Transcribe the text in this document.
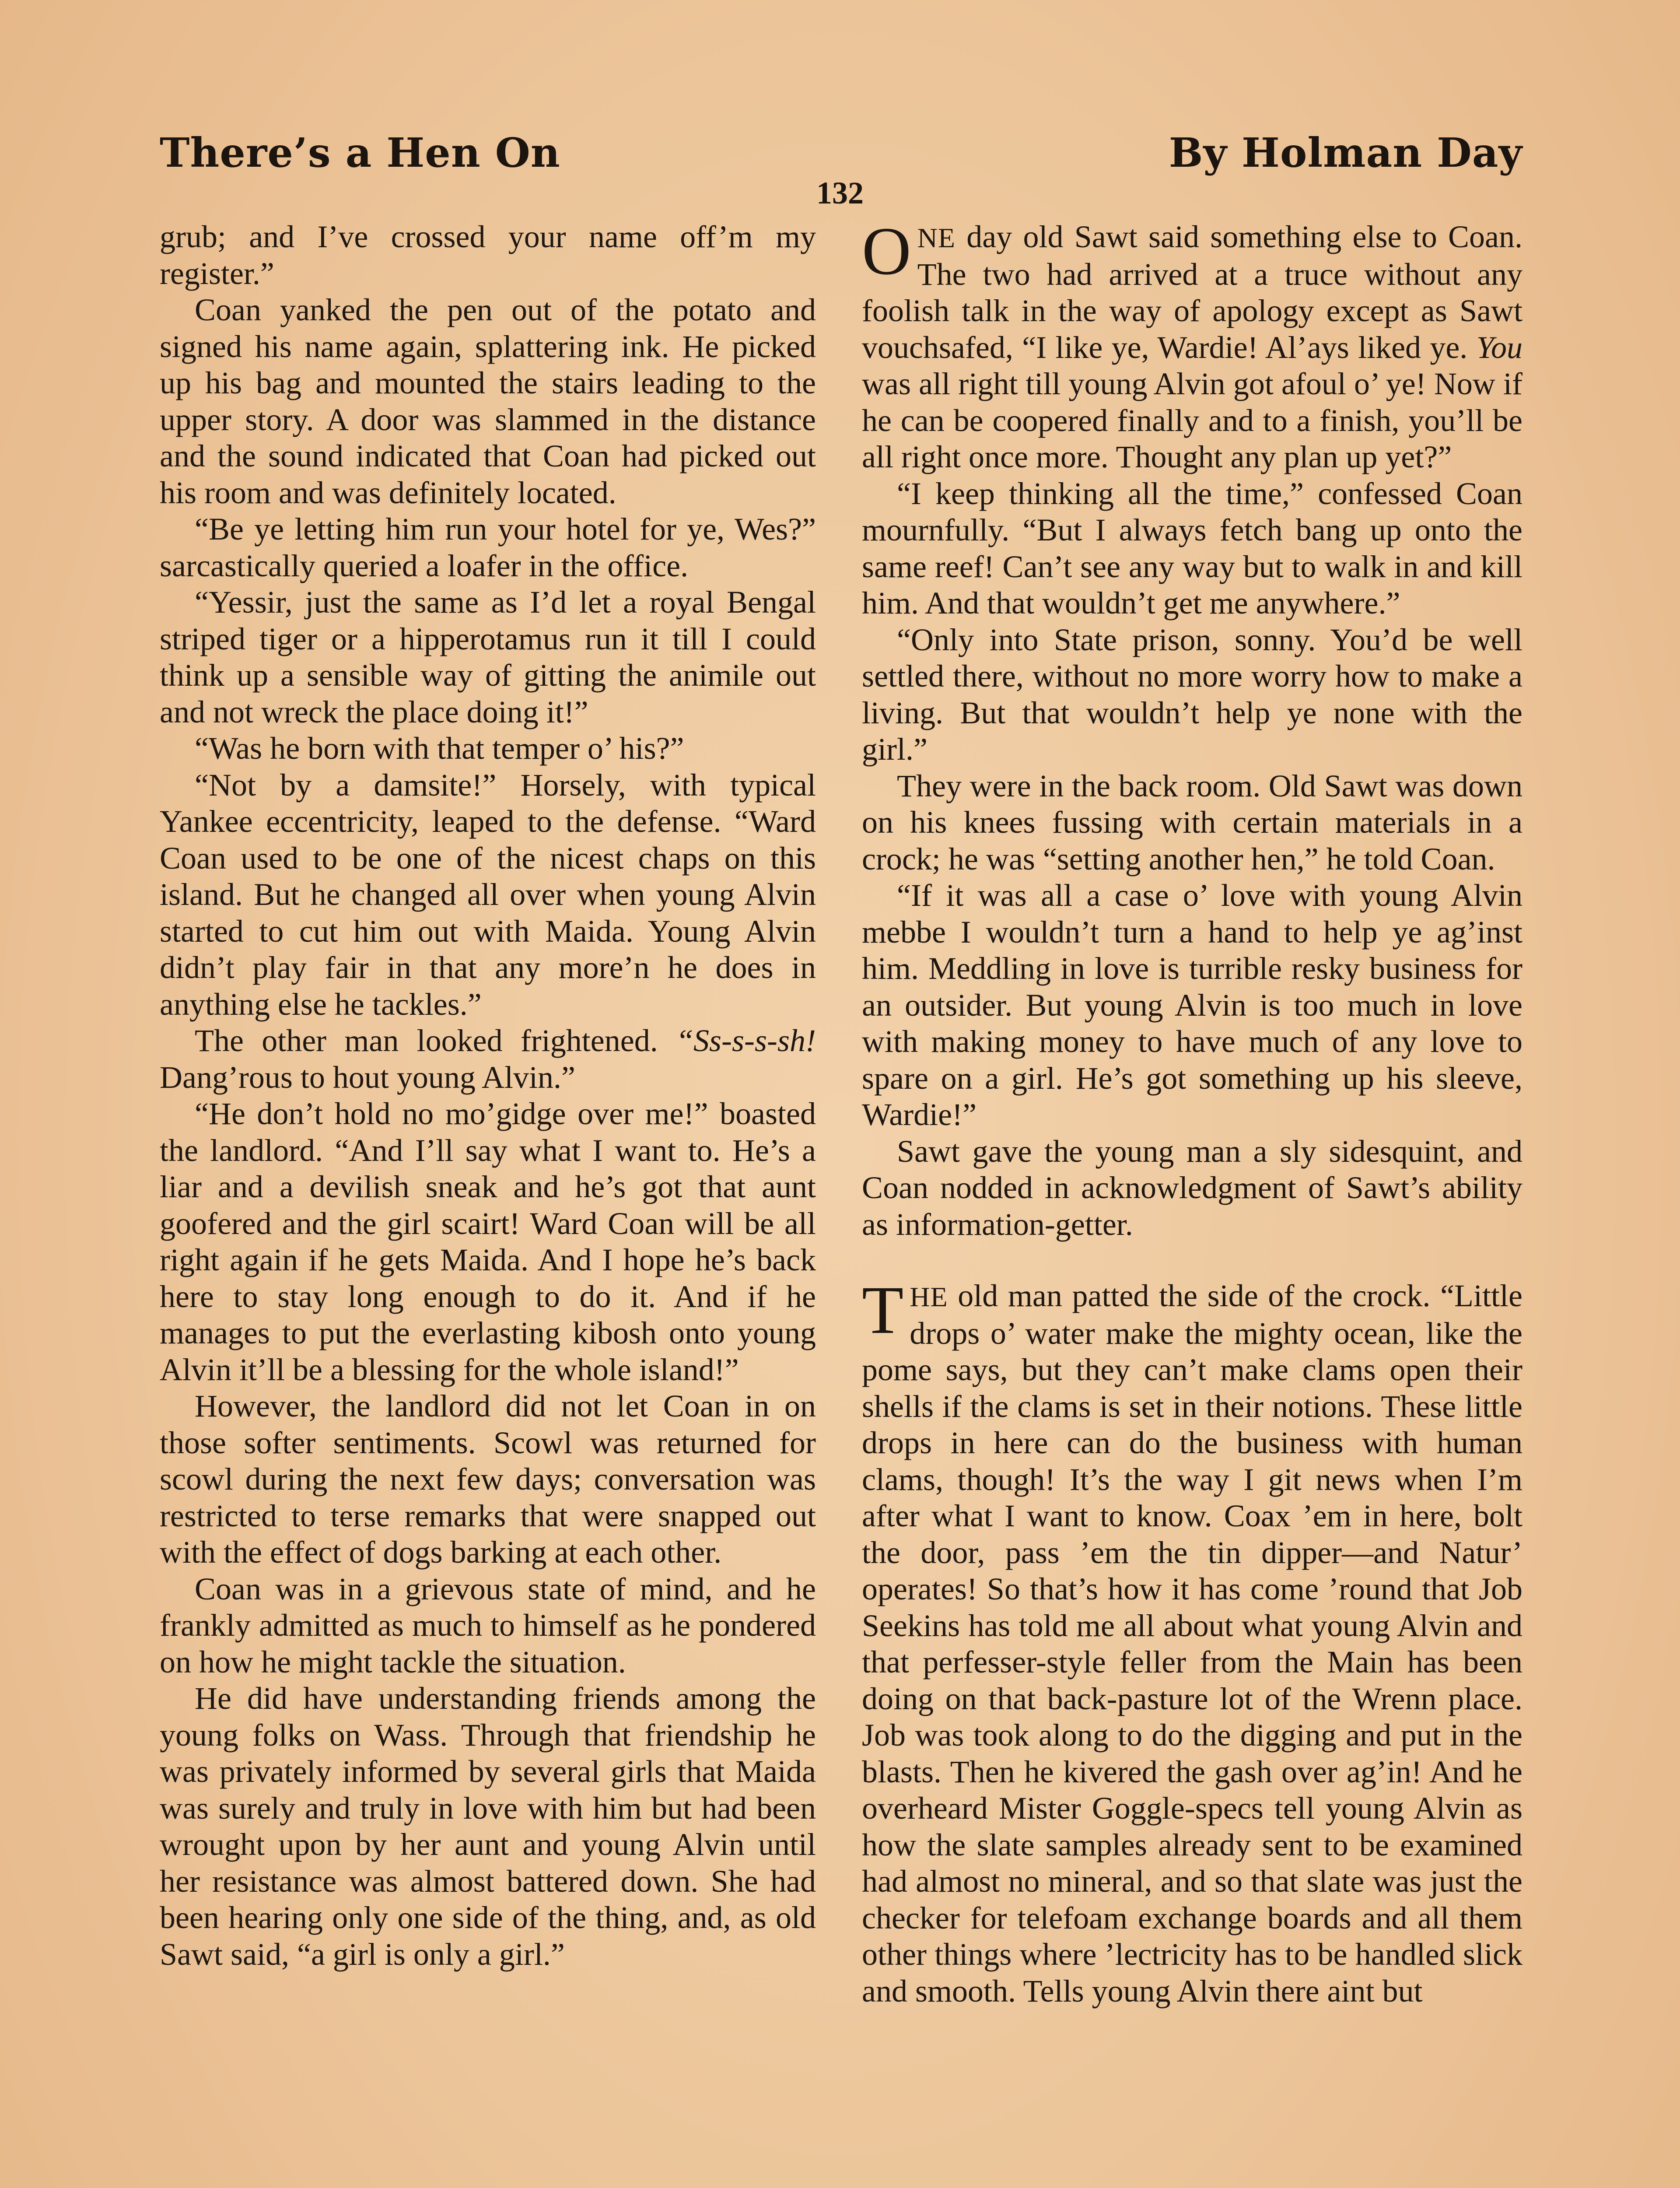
There’s a Hen On	By Holman Day
132

grub; and I’ve crossed your name off’m my register.”

Coan yanked the pen out of the potato and signed his name again, splattering ink. He picked up his bag and mounted the stairs leading to the upper story. A door was slammed in the distance and the sound indicated that Coan had picked out his room and was definitely located.

“Be ye letting him run your hotel for ye, Wes?” sarcastically queried a loafer in the office.

“Yessir, just the same as I’d let a royal Bengal striped tiger or a hipperotamus run it till I could think up a sensible way of gitting the animile out and not wreck the place doing it!”

“Was he born with that temper o’ his?”

“Not by a damsite!” Horsely, with typical Yankee eccentricity, leaped to the defense. “Ward Coan used to be one of the nicest chaps on this island. But he changed all over when young Alvin started to cut him out with Maida. Young Alvin didn’t play fair in that any more’n he does in anything else he tackles.”

The other man looked frightened. “Ss-s-s-sh! Dang’rous to hout young Alvin.”

“He don’t hold no mo’gidge over me!” boasted the landlord. “And I’ll say what I want to. He’s a liar and a devilish sneak and he’s got that aunt goofered and the girl scairt! Ward Coan will be all right again if he gets Maida. And I hope he’s back here to stay long enough to do it. And if he manages to put the everlasting kibosh onto young Alvin it’ll be a blessing for the whole island!”

However, the landlord did not let Coan in on those softer sentiments. Scowl was returned for scowl during the next few days; conversation was restricted to terse remarks that were snapped out with the effect of dogs barking at each other.

Coan was in a grievous state of mind, and he frankly admitted as much to himself as he pondered on how he might tackle the situation.

He did have understanding friends among the young folks on Wass. Through that friendship he was privately informed by several girls that Maida was surely and truly in love with him but had been wrought upon by her aunt and young Alvin until her resistance was almost battered down. She had been hearing only one side of the thing, and, as old Sawt said, “a girl is only a girl.”

ONE day old Sawt said something else to Coan. The two had arrived at a truce without any foolish talk in the way of apology except as Sawt vouchsafed, “I like ye, Wardie! Al’ays liked ye. You was all right till young Alvin got afoul o’ ye! Now if he can be coopered finally and to a finish, you’ll be all right once more. Thought any plan up yet?”

“I keep thinking all the time,” confessed Coan mournfully. “But I always fetch bang up onto the same reef! Can’t see any way but to walk in and kill him. And that wouldn’t get me anywhere.”

“Only into State prison, sonny. You’d be well settled there, without no more worry how to make a living. But that wouldn’t help ye none with the girl.”

They were in the back room. Old Sawt was down on his knees fussing with certain materials in a crock; he was “setting another hen,” he told Coan.

“If it was all a case o’ love with young Alvin mebbe I wouldn’t turn a hand to help ye ag’inst him. Meddling in love is turrible resky business for an outsider. But young Alvin is too much in love with making money to have much of any love to spare on a girl. He’s got something up his sleeve, Wardie!”

Sawt gave the young man a sly sidesquint, and Coan nodded in acknowledgment of Sawt’s ability as information-getter.

THE old man patted the side of the crock. “Little drops o’ water make the mighty ocean, like the pome says, but they can’t make clams open their shells if the clams is set in their notions. These little drops in here can do the business with human clams, though! It’s the way I git news when I’m after what I want to know. Coax ’em in here, bolt the door, pass ’em the tin dipper—and Natur’ operates! So that’s how it has come ’round that Job Seekins has told me all about what young Alvin and that perfesser-style feller from the Main has been doing on that back-pasture lot of the Wrenn place. Job was took along to do the digging and put in the blasts. Then he kivered the gash over ag’in! And he overheard Mister Goggle-specs tell young Alvin as how the slate samples already sent to be examined had almost no mineral, and so that slate was just the checker for telefoam exchange boards and all them other things where ’lectricity has to be handled slick and smooth. Tells young Alvin there aint but
